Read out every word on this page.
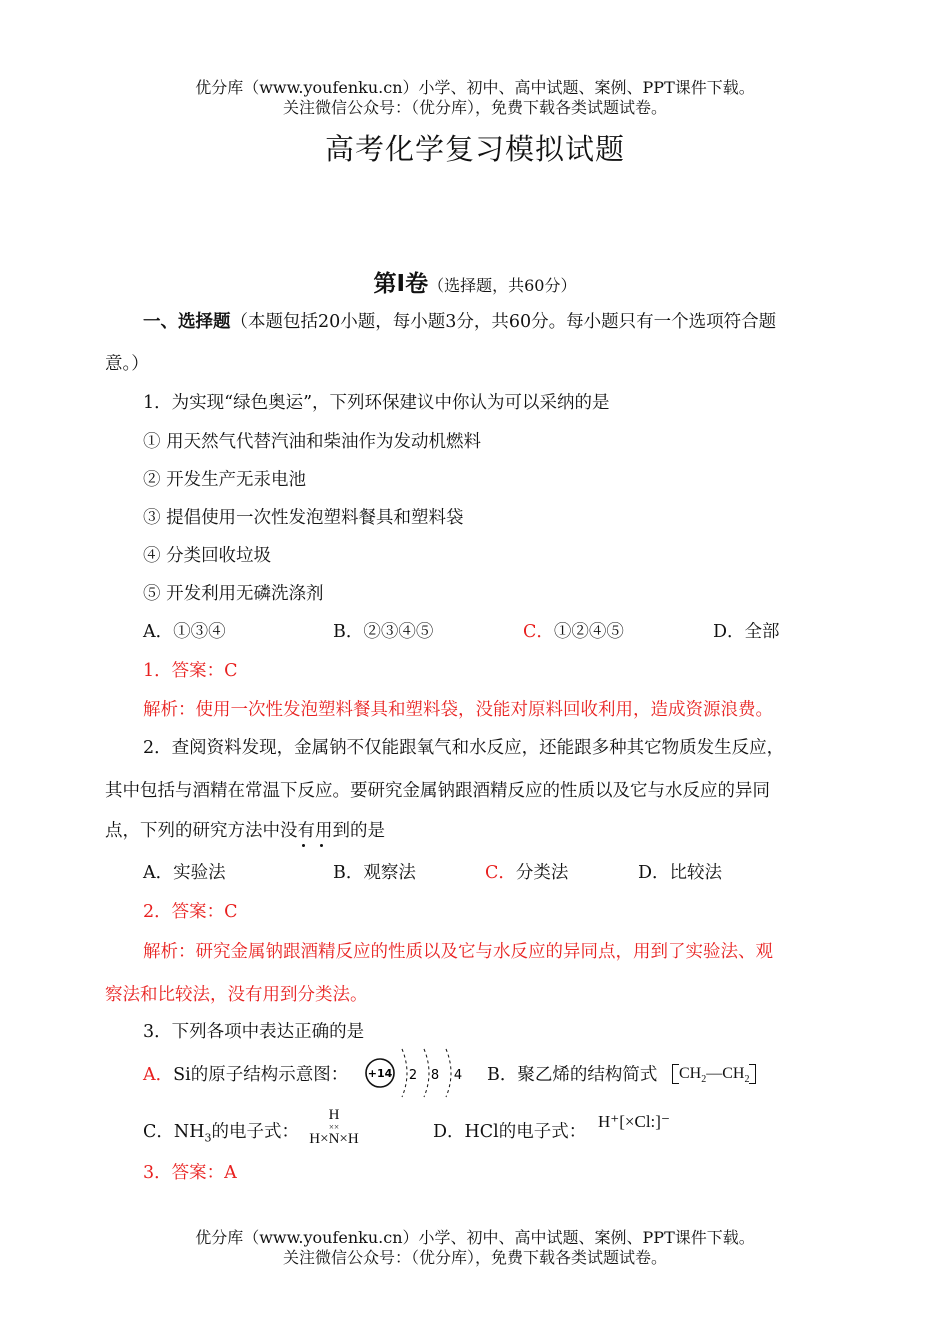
优分库（www.youfenku.cn）小学、初中、高中试题、案例、PPT课件下载。
关注微信公众号：（优分库），免费下载各类试题试卷。
高考化学复习模拟试题
第Ⅰ卷（选择题，共60分）
一、选择题（本题包括20小题，每小题3分，共60分。每小题只有一个选项符合题
意。）
1．为实现“绿色奥运”，下列环保建议中你认为可以采纳的是
① 用天然气代替汽油和柴油作为发动机燃料
② 开发生产无汞电池
③ 提倡使用一次性发泡塑料餐具和塑料袋
④ 分类回收垃圾
⑤ 开发利用无磷洗涤剂
A．①③④	B．②③④⑤	C．①②④⑤	D．全部
1．答案：C
解析：使用一次性发泡塑料餐具和塑料袋，没能对原料回收利用，造成资源浪费。
2．查阅资料发现，金属钠不仅能跟氧气和水反应，还能跟多种其它物质发生反应，
其中包括与酒精在常温下反应。要研究金属钠跟酒精反应的性质以及它与水反应的异同
点，下列的研究方法中没有用到的是
A．实验法	B．观察法	C．分类法	D．比较法
2．答案：C
解析：研究金属钠跟酒精反应的性质以及它与水反应的异同点，用到了实验法、观
察法和比较法，没有用到分类法。
3．下列各项中表达正确的是
A．Si的原子结构示意图： +14 2 8 4 B．聚乙烯的结构简式	$CH_2—CH_2$
C．$NH_3$的电子式：
H
××
H×N×H	D．HCl的电子式：
H⁺[×Cl:]⁻
3．答案：A
优分库（www.youfenku.cn）小学、初中、高中试题、案例、PPT课件下载。
关注微信公众号：（优分库），免费下载各类试题试卷。
